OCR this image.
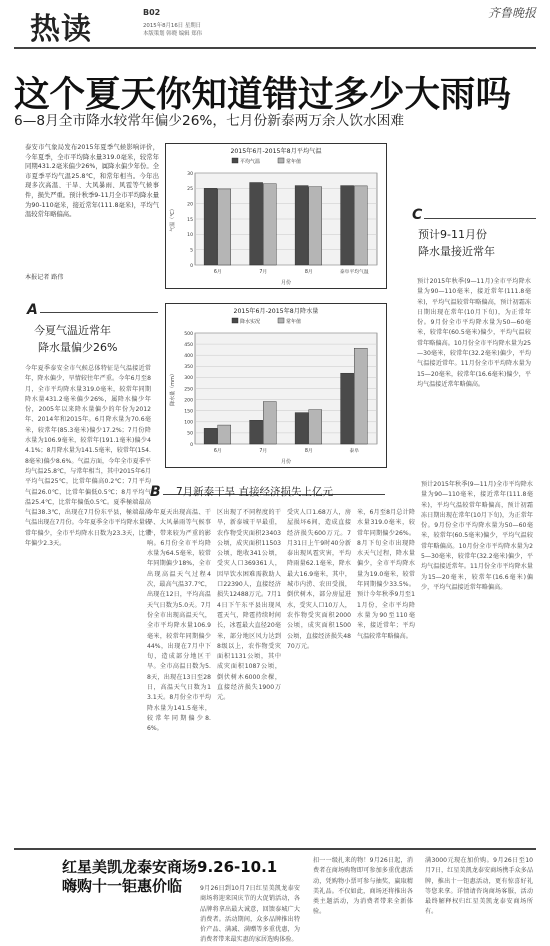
热读	B02
2015年8月16日 星期日
本版策划 韩晓 编辑 郑伟
齐鲁晚报
这个夏天你知道错过多少大雨吗
6—8月全市降水较常年偏少26%，七月份新泰两万余人饮水困难
泰安市气象局发布2015年夏季气候影响评价，今年夏季，全市平均降水量319.0毫米，较常年同期431.2毫米偏少26%，属降水偏少年份。全市夏季平均气温25.8℃，和常年相当。今年出现多次高温、干旱、大风暴雨、风雹等气候事件，损失严重。预计秋季9-11月全市平均降水量为90-110毫米，接近常年(111.8毫米)，平均气温较常年略偏高。
本报记者 路伟
A
今夏气温近常年
降水量偏少26%
今年夏季泰安全市气候总体特征是气温接近常年，降水偏少，旱情较往年严重。今年6月至8月，全市平均降水量319.0毫米，较常年同期降水量431.2毫米偏少26%，属降水偏少年份，2005年以来降水量偏少的年份为2012年、2014年和2015年。6月降水量为70.6毫米，较常年(85.3毫米)偏少17.2%；7月份降水量为106.9毫米，较常年(191.1毫米)偏少44.1%；8月降水量为141.5毫米，较常年(154.8毫米)偏少8.6%。气温方面，今年全市夏季平均气温25.8℃，与常年相当，其中2015年6月平均气温25℃，比常年偏高0.2℃；7月平均气温26.0℃，比常年偏低0.5℃；8月平均气温25.4℃，比常年偏低0.5℃。夏季極端最高气温38.3℃，出现在7月份东平县，極端最高气温出现在7月份。今年夏季全市平均降水量较常年偏少，全市平均降水日数为23.3天，比常年偏少2.3天。
2015年6月-2015年8月平均气温
平均气温	常年值
0
5
10
15
20
25
30
气温（℃）
6月	7月	8月	泰阜平均气温
月份
2015年6月-2015年8月降水量
降水实况	常年值
0
50
100
150
200
250
300
350
400
450
500
降水量（mm）
6月	7月	8月	泰阜
月份
C
预计9-11月份
降水量接近常年
预计2015年秋季(9—11月)全市平均降水量为90—110毫米，接近常年(111.8毫米)，平均气温较常年略偏高，预计初霜冻日期出现在常年(10月下旬)，为正常年份。9月份全市平均降水量为50—60毫米，较常年(60.5毫米)偏少，平均气温较常年略偏高。10月份全市平均降水量为25—30毫米，较常年(32.2毫米)偏少，平均气温接近常年。11月份全市平均降水量为15—20毫米，较常年(16.6毫米)偏少，平均气温接近常年略偏高。
B 7月新泰干旱 直接经济损失上亿元
今年夏天出现高温、干旱、大风暴雨等气候事件，带来较为严重的影响。6月份全市平均降水量为64.5毫米，较常年同期偏少18%，全市出现高温天气过程4次，最高气温37.7℃，出现在12日，平均高温天气日数为5.0天。7月份全市出现高温天气，全市平均降水量106.9毫米，较常年同期偏少44%，出现在7月中下旬，造成部分地区干旱。全市高温日数为5.8天，出现在13日至28日，高温天气日数为13.1天。8月份全市平均降水量为141.5毫米，较常年同期偏少8.6%。
区出现了不同程度的干旱，新泰城干旱最重，农作物受灾面积23403公顷，成灾面积11503公顷，绝收341公顷，受灾人口369361人，因旱饮水困难需救助人口22390人，直接经济损失12488万元。7月14日下午东平县出现风雹天气，降雹持续时间长，冰雹最大直径20毫米，部分地区风力达到8级以上，农作物受灾面积1131公顷，其中成灾面积1087公顷，倒伏树木6000余棵，直接经济损失1900万元。
受灾人口1.68万人，房屋损坏6间，造成直接经济损失600万元。7月31日上午9时40分新泰出现风雹灾害，平均降雨量62.1毫米，降水最大16.9毫米，其中，城市内涝、农田受损，倒伏树木，部分房屋进水，受灾人口10万人，农作物受灾面积2000公顷，成灾面积1500公顷，直接经济损失4870万元。
米，6月至8月总计降水量319.0毫米，较常年同期偏少26%。8月下旬全市出现降水天气过程，降水量偏少，全市平均降水量为19.0毫米，较常年同期偏少33.5%。预计今年秋季9月至11月份，全市平均降水量为90至110毫米，接近常年；平均气温较常年略偏高。
预计2015年秋季(9—11月)全市平均降水量为90—110毫米，接近常年(111.8毫米)，平均气温较常年略偏高，预计初霜冻日期出现在常年(10月下旬)，为正常年份。9月份全市平均降水量为50—60毫米，较常年(60.5毫米)偏少，平均气温较常年略偏高。10月份全市平均降水量为25—30毫米，较常年(32.2毫米)偏少，平均气温接近常年。11月份全市平均降水量为15—20毫米，较常年(16.6毫米)偏少，平均气温接近常年略偏高。
红星美凯龙泰安商场9.26-10.1
嗨购十一钜惠价临	9月26日到10月7日红星美凯龙泰安商场将迎来国庆节的大促销活动，各品牌将拿出最大诚意，回馈泰城广大消费者。活动期间，众多品牌推出特价产品、满减、满赠等多重优惠，为消费者带来最实惠的家居选购体验。
扣一一级扎来的物！9月26日起，消费者在商场购物即可参加多重优惠活动，凭购物小票可参与抽奖，赢取精美礼品。不仅如此，商场还将推出各类主题活动，为消费者带来全新体验。
满3000元现在加价购。9月26日至10月7日，红星美凯龙泰安商场携手众多品牌，推出十一钜惠活动，更有惊喜好礼等您来拿。详情请咨询商场客服，活动最终解释权归红星美凯龙泰安商场所有。
